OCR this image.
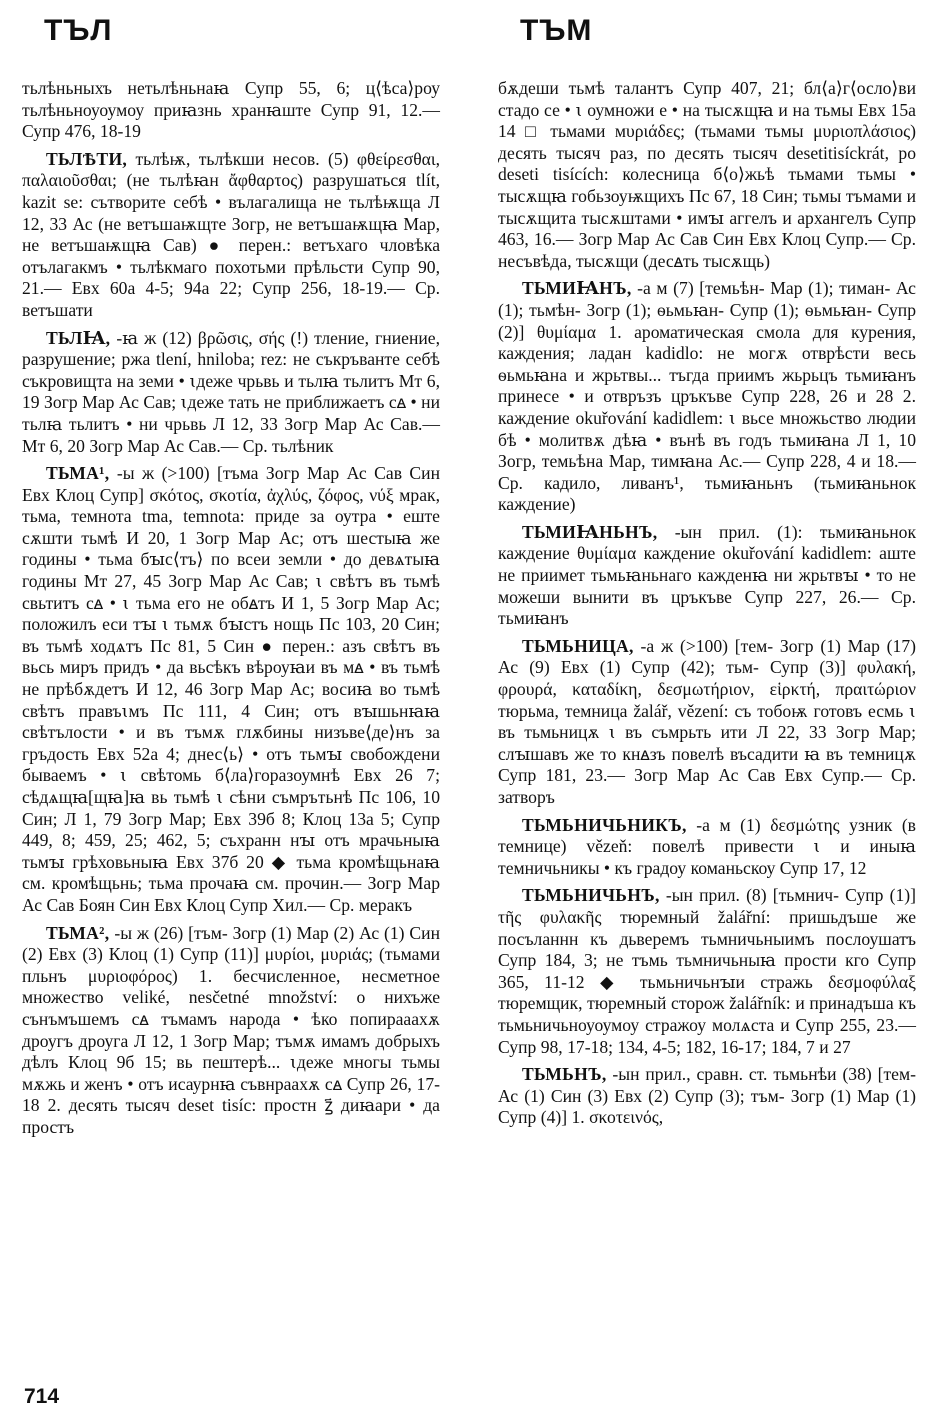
ТЪЛ	ТЪМ

тьлѣньныхъ нетьлѣньнаꙗ Супр 55, 6; ц⟨ѣса⟩роу тьлѣньноуоумоу приꙗзнь хранꙗште Супр 91, 12.— Супр 476, 18-19

ТЬЛѢТИ, тьлѣѭ, тьлѣкши несов. (5) φθείρεσθαι, παλαιοῦσθαι; (не тьлѣꙗн ἄφθαρτος) разрушаться tlít, kazit se: сътворите себѣ • вълагалища не тьлѣѭща Л 12, 33 Ас (не ветъшаѭщте Зогр, не ветъшаѭщꙗ Мар, не ветъшаѭщꙗ Сав) ● перен.: ветъхаго чловѣка отълагакмъ • тьлѣкмаго похотьми прѣльсти Супр 90, 21.— Евх 60а 4-5; 94а 22; Супр 256, 18-19.— Ср. ветъшати

ТЬЛꙖ, -ꙗ ж (12) βρῶσις, σής (!) тление, гниение, разрушение; ржа tlení, hniloba; rez: не съкръванте себѣ съкровищта на земи • ꙇдеже чрьвь и тьлꙗ тьлитъ Мт 6, 19 Зогр Мар Ас Сав; ꙇдеже тать не приближаетъ сꙙ • ни тьлꙗ тьлитъ • ни чрьвь Л 12, 33 Зогр Мар Ас Сав.— Мт 6, 20 Зогр Мар Ас Сав.— Ср. тьлѣник

ТЬМА¹, -ы ж (>100) [тъма Зогр Мар Ас Сав Син Евх Клоц Супр] σκότος, σκοτία, ἀχλύς, ζόφος, νύξ мрак, тьма, темнота tma, temnota: приде за оутра • еште сѫшти тьмѣ И 20, 1 Зогр Мар Ас; отъ шестыꙗ же годины • тьма бꙑс⟨тъ⟩ по всеи земли • до девѧтыꙗ годины Мт 27, 45 Зогр Мар Ас Сав; ꙇ свѣтъ въ тьмѣ свьтитъ сꙙ • ꙇ тьма его не обꙙтъ И 1, 5 Зогр Мар Ас; положилъ еси тꙑ ꙇ тьмѫ бꙑстъ нощь Пс 103, 20 Син; въ тьмѣ ходѧтъ Пс 81, 5 Син ● перен.: азъ свѣтъ въ вьсь миръ придъ • да вьсѣкъ вѣроуꙗи въ мꙙ • въ тьмѣ не прѣбѫдетъ И 12, 46 Зогр Мар Ас; восиꙗ во тьмѣ свѣтъ правъꙇмъ Пс 111, 4 Син; отъ вꙑшьнꙗꙗ свѣтълости • и въ тъмѫ глѫбины низъве⟨де⟩нъ за гръдость Евх 52а 4; днес⟨ь⟩ • отъ тьмꙑ свобождени бываемъ • ꙇ свѣтомь б⟨ла⟩горазоумнѣ Евх 26 7; сѣдѧщꙗ[щꙗ]ꙗ вь тьмѣ ꙇ сѣни съмрътьнѣ Пс 106, 10 Син; Л 1, 79 Зогр Мар; Евх 39б 8; Клоц 13а 5; Супр 449, 8; 459, 25; 462, 5; съхранн нꙑ отъ мрачьныꙗ тьмꙑ грѣховьныꙗ Евх 37б 20 ◆ тьма кромѣщьнаꙗ см. кромѣщьнь; тьма прочаꙗ см. прочин.— Зогр Мар Ас Сав Боян Син Евх Клоц Супр Хил.— Ср. меракъ

ТЬМА², -ы ж (26) [тъм- Зогр (1) Мар (2) Ас (1) Син (2) Евх (3) Клоц (1) Супр (11)] μυρίοι, μυριάς; (тьмами пльнъ μυριοφόρος) 1. бесчисленное, несметное множество veliké, nesčetné množství: о нихъже сънъмъшемъ сꙙ тъмамъ народа • ѣко попирааахѫ дроугъ дроуга Л 12, 1 Зогр Мар; тъмѫ имамъ добрыхъ дѣлъ Клоц 9б 15; вь пештерѣ... ꙇдеже многы тьмы мѫжь и женъ • отъ исаурнꙗ съвнраахѫ сꙙ Супр 26, 17-18 2. десять тысяч deset tisíc: простн ꙁ҃ диꙗари • да простъ

бѫдеши тьмѣ талантъ Супр 407, 21; бл⟨а⟩г⟨осло⟩ви стадо се • ꙇ оумножи е • на тысѫщꙗ и на тьмы Евх 15а 14 □ тьмами мυριάδες; (тьмами тьмы μυριοπλάσιος) десять тысяч раз, по десять тысяч desetitisíckrát, po deseti tisících: колесница б⟨о⟩жьѣ тьмами тьмы • тысѫщꙗ гобьзоуѭщихъ Пс 67, 18 Син; тьмы тъмами и тысѫщита тысѫштами • имꙑ аггелъ и архангелъ Супр 463, 16.— Зогр Мар Ас Сав Син Евх Клоц Супр.— Ср. несъвѣда, тысѫщи (десꙙть тысѫщь)

ТЬМИꙖНЪ, -а м (7) [темьѣн- Мар (1); тиман- Ас (1); тьмѣн- Зогр (1); ѳьмьꙗн- Супр (1); ѳьмьꙗн- Супр (2)] θυμίαμα 1. ароматическая смола для курения, каждения; ладан kadidlo: не могѫ отврѣсти весь ѳьмьꙗна и жрьтвы... тъгда приимъ жьрьцъ тьмиꙗнъ принесе • и отвръзъ цръкъве Супр 228, 26 и 28 2. каждение okuřování kadidlem: ꙇ вьсе множьство людии бѣ • молитвѫ дѣꙗ • вънѣ въ годъ тьмиꙗна Л 1, 10 Зогр, темьѣна Мар, тимꙗна Ас.— Супр 228, 4 и 18.— Ср. кадило, ливанъ¹, тьмиꙗньнъ (тьмиꙗньнок каждение)

ТЬМИꙖНЬНЪ, -ын прил. (1): тьмиꙗньнок каждение θυμίαμα каждение okuřování kadidlem: аште не приимет тьмьꙗньнаго кажденꙗ ни жрьтвꙑ • то не можеши вынити въ цръкъве Супр 227, 26.— Ср. тьмиꙗнъ

ТЬМЬНИЦА, -а ж (>100) [тем- Зогр (1) Мар (17) Ас (9) Евх (1) Супр (42); тьм- Супр (3)] φυλακή, φρουρά, καταδίκη, δεσμωτήριον, εἱρκτή, πραιτώριον тюрьма, темница žalář, vězení: съ тобоѭ готовъ есмь ꙇ въ тьмьницѫ ꙇ въ съмрьть ити Л 22, 33 Зогр Мар; слꙑшавъ же то кнꙙзъ повелѣ въсадити ꙗ въ темницѫ Супр 181, 23.— Зогр Мар Ас Сав Евх Супр.— Ср. затворъ

ТЬМЬНИЧЬНИКЪ, -а м (1) δεσμώτης узник (в темнице) vězeň: повелѣ привести ꙇ и иныꙗ темничьникы • къ градоу команьскоу Супр 17, 12

ТЬМЬНИЧЬНЪ, -ын прил. (8) [тьмнич- Супр (1)] τῆς φυλακῆς тюремный žalářní: пришьдъше же посъланнн къ дьверемъ тьмничьныимъ послоушатъ Супр 184, 3; не тъмь тьмничьныꙗ прости кго Супр 365, 11-12 ◆ тьмьничьнꙑи стражь δεσμοφύλαξ тюремщик, тюремный сторож žalářník: и принадъша къ тьмьничьноуоумоу стражоу молѧста и Супр 255, 23.— Супр 98, 17-18; 134, 4-5; 182, 16-17; 184, 7 и 27

ТЬМЬНЪ, -ын прил., сравн. ст. тьмьнѣи (38) [тем- Ас (1) Син (3) Евх (2) Супр (3); тъм- Зогр (1) Мар (1) Супр (4)] 1. σκοτεινός,

714
